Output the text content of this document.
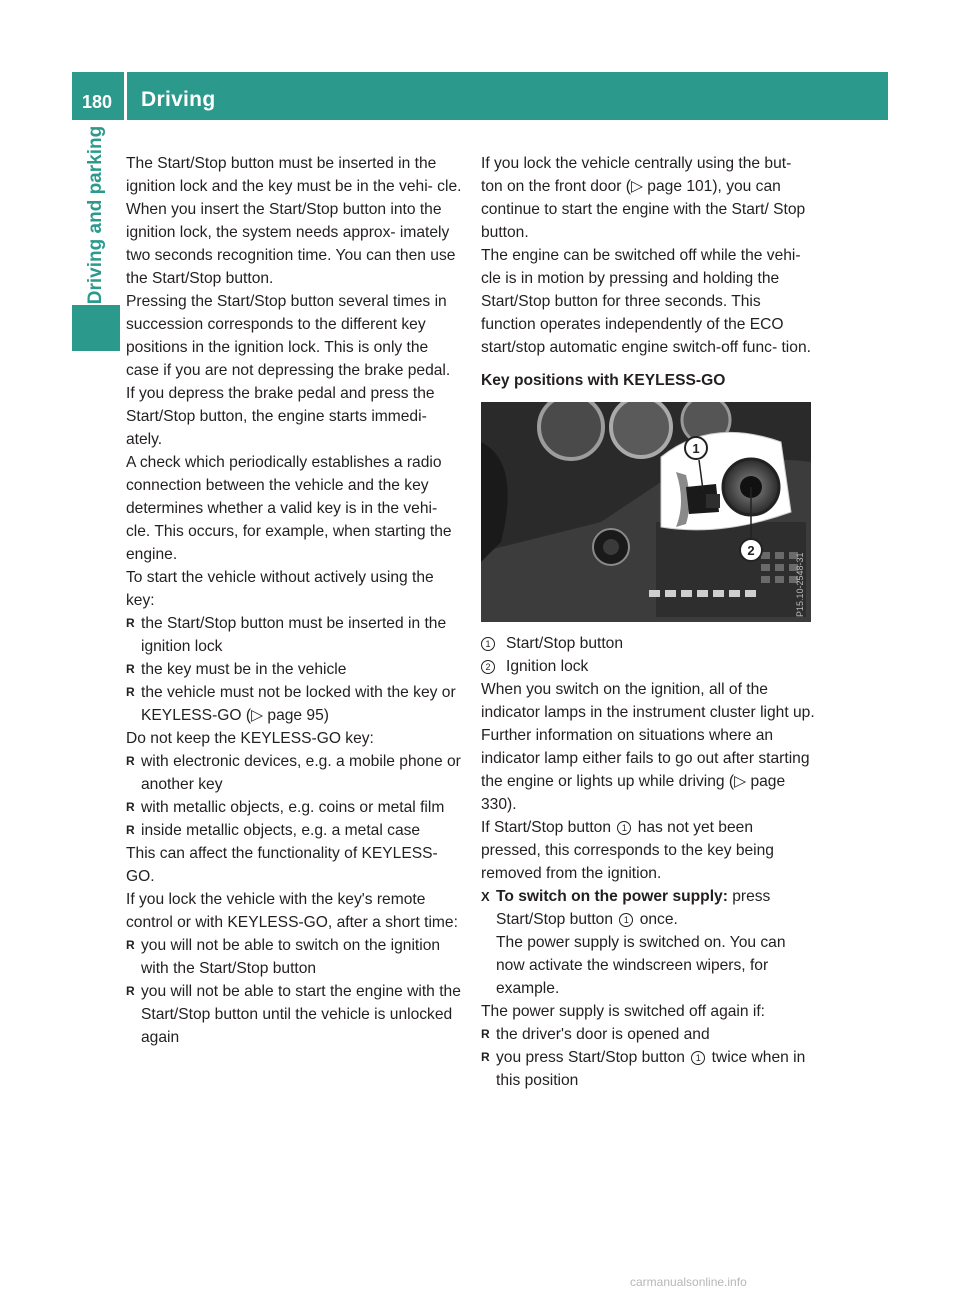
180	Driving
Driving and parking The Start/Stop button must be inserted in the ignition lock and the key must be in the vehi- cle.

When you insert the Start/Stop button into the ignition lock, the system needs approx- imately two seconds recognition time. You can then use the Start/Stop button.

Pressing the Start/Stop button several times in succession corresponds to the different key positions in the ignition lock. This is only the case if you are not depressing the brake pedal.

If you depress the brake pedal and press the Start/Stop button, the engine starts immedi- ately.

A check which periodically establishes a radio connection between the vehicle and the key determines whether a valid key is in the vehi- cle. This occurs, for example, when starting the engine.

To start the vehicle without actively using the key:

R the Start/Stop button must be inserted in the ignition lock

R the key must be in the vehicle

R the vehicle must not be locked with the key or KEYLESS-GO (▷ page 95)

Do not keep the KEYLESS-GO key:

R with electronic devices, e.g. a mobile phone or another key

R with metallic objects, e.g. coins or metal film

R inside metallic objects, e.g. a metal case

This can affect the functionality of KEYLESS- GO.

If you lock the vehicle with the key's remote control or with KEYLESS-GO, after a short time:

R you will not be able to switch on the ignition with the Start/Stop button

R you will not be able to start the engine with the Start/Stop button until the vehicle is unlocked again

If you lock the vehicle centrally using the but- ton on the front door (▷ page 101), you can continue to start the engine with the Start/ Stop button.

The engine can be switched off while the vehi- cle is in motion by pressing and holding the Start/Stop button for three seconds. This function operates independently of the ECO start/stop automatic engine switch-off func- tion.

Key positions with KEYLESS-GO

1
2
P15.10-2548-31

1 Start/Stop button

2 Ignition lock

When you switch on the ignition, all of the indicator lamps in the instrument cluster light up. Further information on situations where an indicator lamp either fails to go out after starting the engine or lights up while driving (▷ page 330).

If Start/Stop button 1 has not yet been pressed, this corresponds to the key being removed from the ignition.

X To switch on the power supply: press Start/Stop button 1 once.
The power supply is switched on. You can now activate the windscreen wipers, for example.

The power supply is switched off again if:

R the driver's door is opened and

R you press Start/Stop button 1 twice when in this position

carmanualsonline.info
